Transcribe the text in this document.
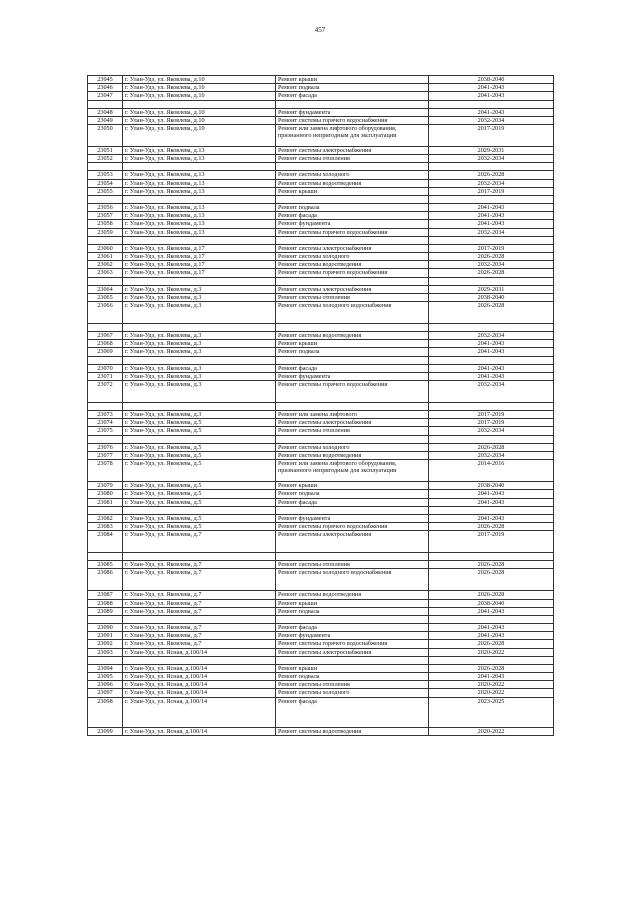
457
23045	г. Улан-Удэ, ул. Яковлева, д.10	Ремонт крыши	2038-2040
23046	г. Улан-Удэ, ул. Яковлева, д.10	Ремонт подвала	2041-2043
23047	г. Улан-Удэ, ул. Яковлева, д.10	Ремонт фасада	2041-2043

23048	г. Улан-Удэ, ул. Яковлева, д.10	Ремонт фундамента	2041-2043
23049	г. Улан-Удэ, ул. Яковлева, д.10	Ремонт системы горячего водоснабжения	2032-2034
23050	г. Улан-Удэ, ул. Яковлева, д.10	Ремонт или замена лифтового оборудования, признанного непригодным для эксплуатации	2017-2019
23051	г. Улан-Удэ, ул. Яковлева, д.13	Ремонт системы электроснабжения	2029-2031
23052	г. Улан-Удэ, ул. Яковлева, д.13	Ремонт системы отопления	2032-2034

23053	г. Улан-Удэ, ул. Яковлева, д.13	Ремонт системы холодного	2026-2028
23054	г. Улан-Удэ, ул. Яковлева, д.13	Ремонт системы водоотведения	2032-2034
23055	г. Улан-Удэ, ул. Яковлева, д.13	Ремонт крыши	2017-2019

23056	г. Улан-Удэ, ул. Яковлева, д.13	Ремонт подвала	2041-2043
23057	г. Улан-Удэ, ул. Яковлева, д.13	Ремонт фасада	2041-2043
23058	г. Улан-Удэ, ул. Яковлева, д.13	Ремонт фундамента	2041-2043
23059	г. Улан-Удэ, ул. Яковлева, д.13	Ремонт системы горячего водоснабжения	2032-2034

23060	г. Улан-Удэ, ул. Яковлева, д.17	Ремонт системы электроснабжения	2017-2019
23061	г. Улан-Удэ, ул. Яковлева, д.17	Ремонт системы холодного	2026-2028
23062	г. Улан-Удэ, ул. Яковлева, д.17	Ремонт системы водоотведения	2032-2034
23063	г. Улан-Удэ, ул. Яковлева, д.17	Ремонт системы горячего водоснабжения	2026-2028

23064	г. Улан-Удэ, ул. Яковлева, д.3	Ремонт системы электроснабжения	2029-2031
23065	г. Улан-Удэ, ул. Яковлева, д.3	Ремонт системы отопления	2038-2040
23066	г. Улан-Удэ, ул. Яковлева, д.3	Ремонт системы холодного водоснабжения	2026-2028

23067	г. Улан-Удэ, ул. Яковлева, д.3	Ремонт системы водоотведения	2032-2034
23068	г. Улан-Удэ, ул. Яковлева, д.3	Ремонт крыши	2041-2043
23069	г. Улан-Удэ, ул. Яковлева, д.3	Ремонт подвала	2041-2043

23070	г. Улан-Удэ, ул. Яковлева, д.3	Ремонт фасада	2041-2043
23071	г. Улан-Удэ, ул. Яковлева, д.3	Ремонт фундамента	2041-2043
23072	г. Улан-Удэ, ул. Яковлева, д.3	Ремонт системы горячего водоснабжения	2032-2034

23073	г. Улан-Удэ, ул. Яковлева, д.3	Ремонт или замена лифтового	2017-2019
23074	г. Улан-Удэ, ул. Яковлева, д.5	Ремонт системы электроснабжения	2017-2019
23075	г. Улан-Удэ, ул. Яковлева, д.5	Ремонт системы отопления	2032-2034

23076	г. Улан-Удэ, ул. Яковлева, д.5	Ремонт системы холодного	2026-2028
23077	г. Улан-Удэ, ул. Яковлева, д.5	Ремонт системы водоотведения	2032-2034
23078	г. Улан-Удэ, ул. Яковлева, д.5	Ремонт или замена лифтового оборудования, признанного непригодным для эксплуатации	2014-2016
23079	г. Улан-Удэ, ул. Яковлева, д.5	Ремонт крыши	2038-2040
23080	г. Улан-Удэ, ул. Яковлева, д.5	Ремонт подвала	2041-2043
23081	г. Улан-Удэ, ул. Яковлева, д.5	Ремонт фасада	2041-2043

23082	г. Улан-Удэ, ул. Яковлева, д.5	Ремонт фундамента	2041-2043
23083	г. Улан-Удэ, ул. Яковлева, д.5	Ремонт системы горячего водоснабжения	2026-2028
23084	г. Улан-Удэ, ул. Яковлева, д.7	Ремонт системы электроснабжения	2017-2019

23085	г. Улан-Удэ, ул. Яковлева, д.7	Ремонт системы отопления	2026-2028
23086	г. Улан-Удэ, ул. Яковлева, д.7	Ремонт системы холодного водоснабжения	2026-2028
23087	г. Улан-Удэ, ул. Яковлева, д.7	Ремонт системы водоотведения	2026-2028
23088	г. Улан-Удэ, ул. Яковлева, д.7	Ремонт крыши	2038-2040
23089	г. Улан-Удэ, ул. Яковлева, д.7	Ремонт подвала	2041-2043

23090	г. Улан-Удэ, ул. Яковлева, д.7	Ремонт фасада	2041-2043
23091	г. Улан-Удэ, ул. Яковлева, д.7	Ремонт фундамента	2041-2043
23092	г. Улан-Удэ, ул. Яковлева, д.7	Ремонт системы горячего водоснабжения	2026-2028
23093	г. Улан-Удэ, ул. Ясная, д.100/14	Ремонт системы электроснабжения	2020-2022

23094	г. Улан-Удэ, ул. Ясная, д.100/14	Ремонт крыши	2026-2028
23095	г. Улан-Удэ, ул. Ясная, д.100/14	Ремонт подвала	2041-2043
23096	г. Улан-Удэ, ул. Ясная, д.100/14	Ремонт системы отопления	2020-2022
23097	г. Улан-Удэ, ул. Ясная, д.100/14	Ремонт системы холодного	2020-2022
23098	г. Улан-Удэ, ул. Ясная, д.100/14	Ремонт фасада	2023-2025
23099	г. Улан-Удэ, ул. Ясная, д.100/14	Ремонт системы водоотведения	2020-2022
